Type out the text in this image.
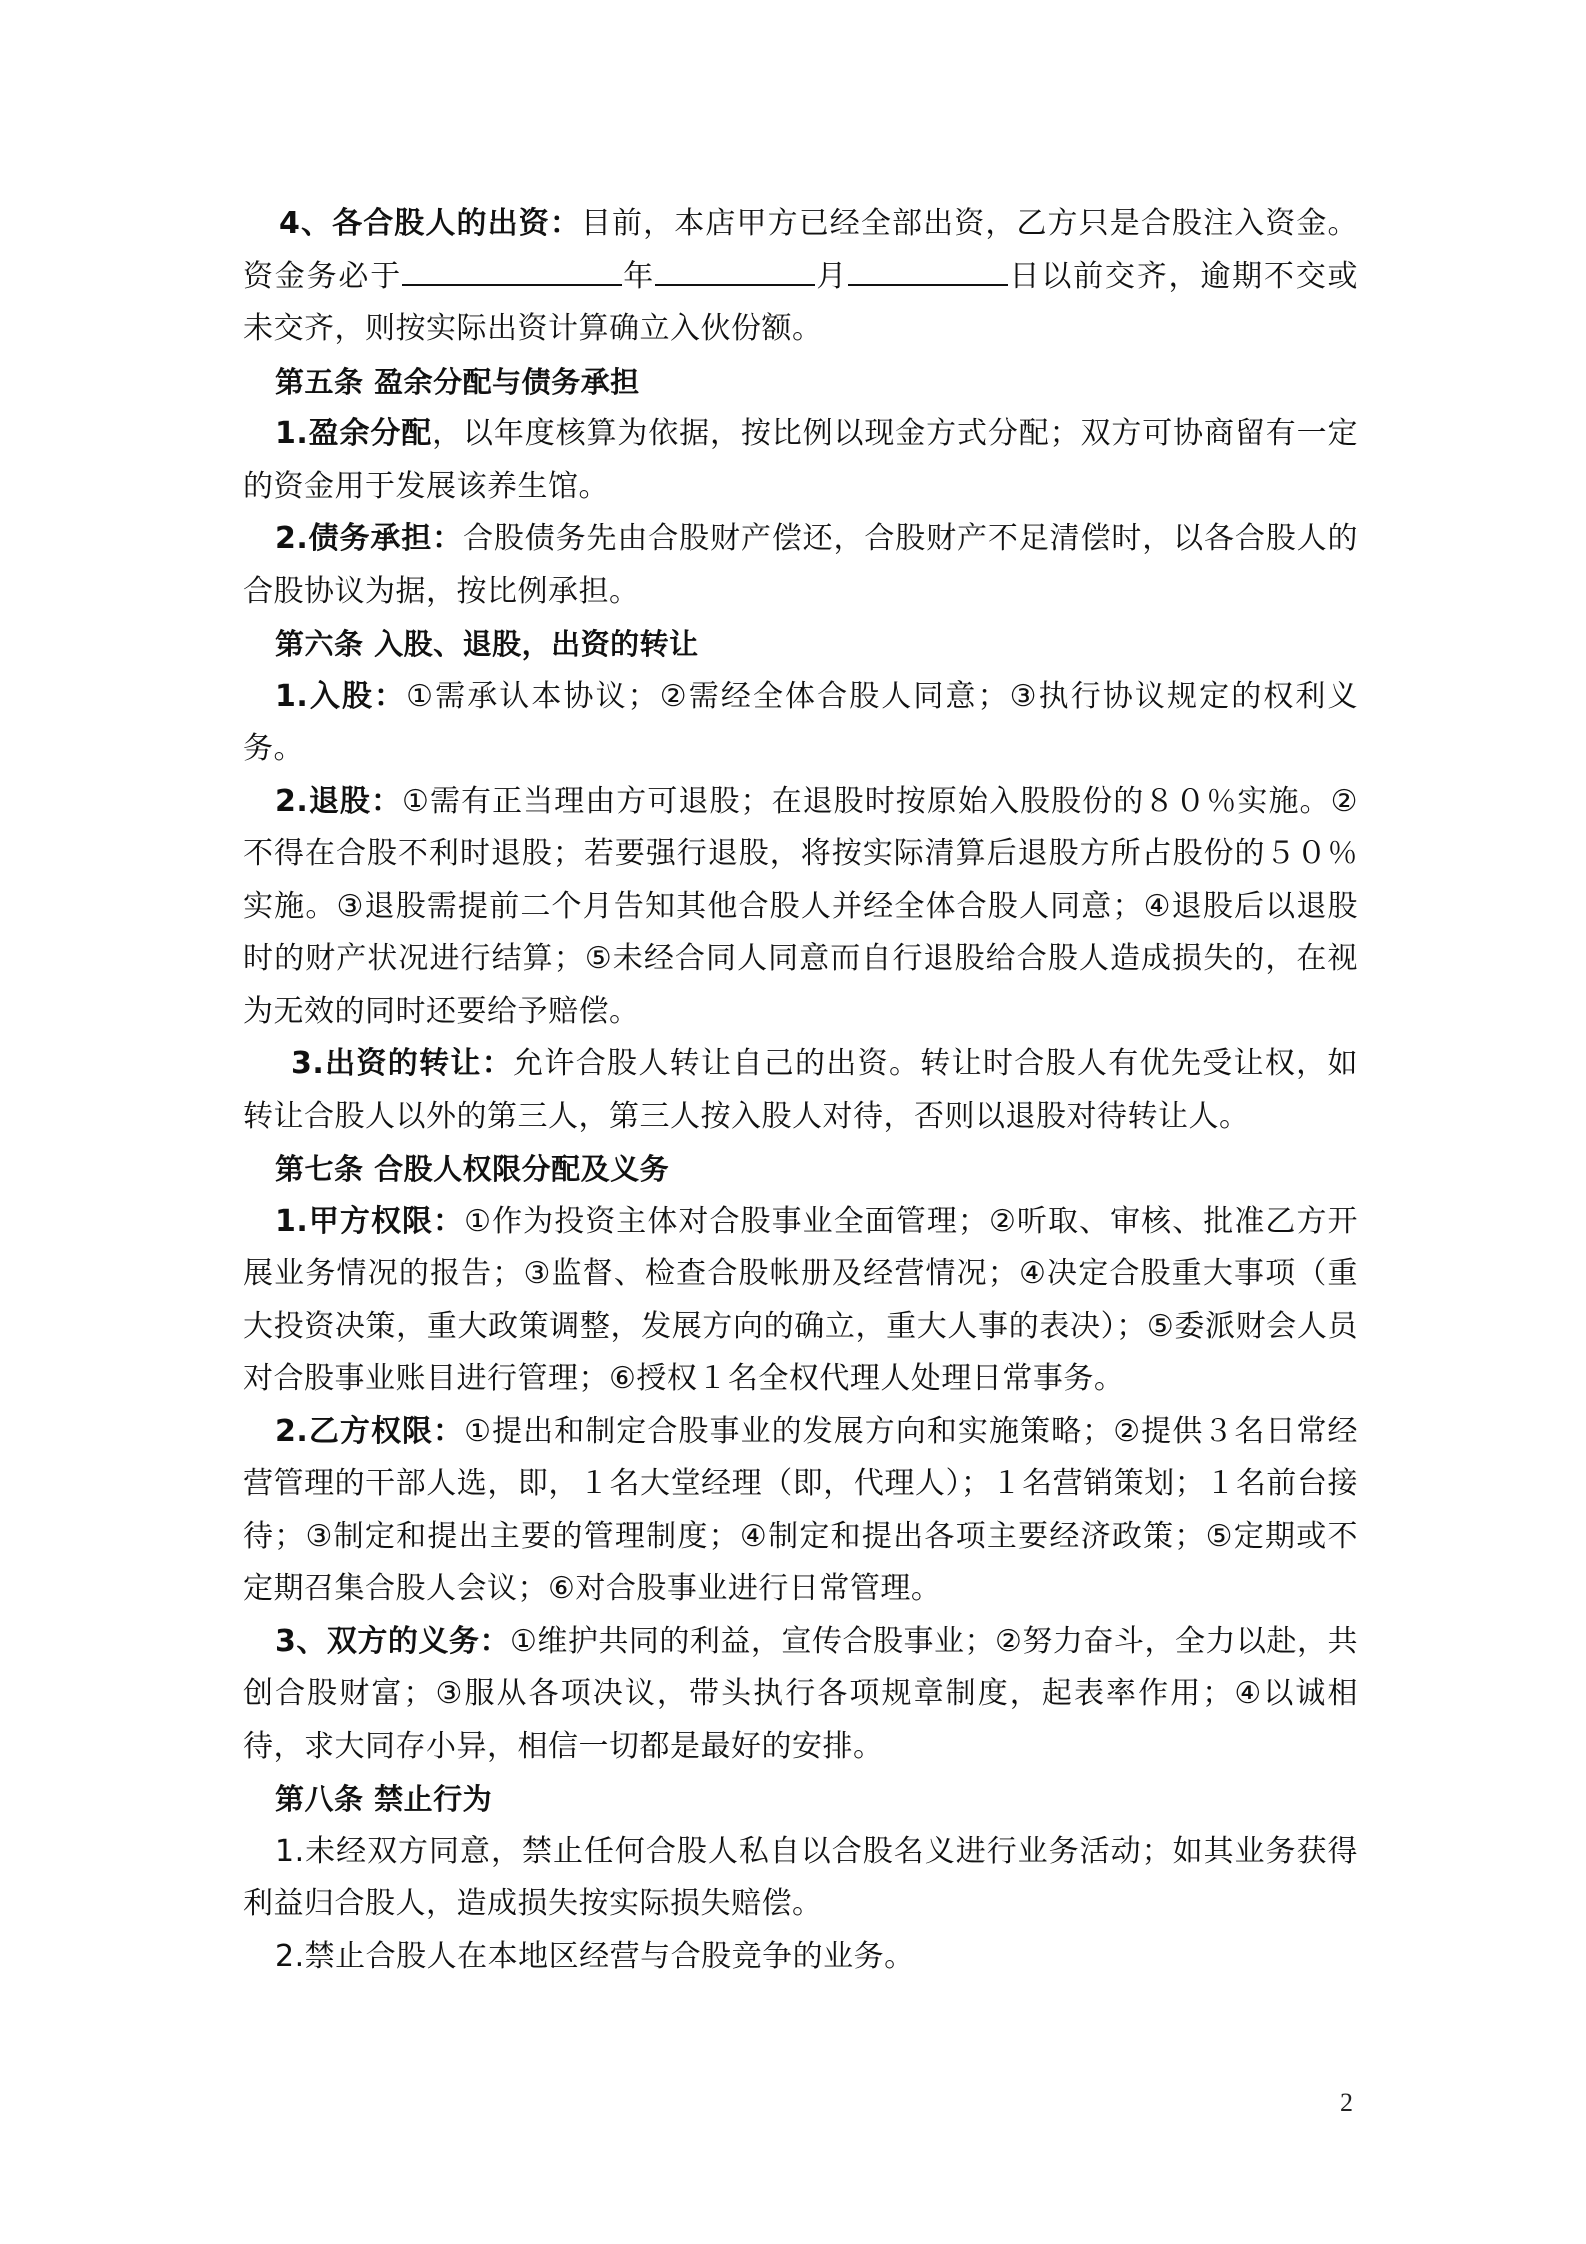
4、各合股人的出资：目前，本店甲方已经全部出资，乙方只是合股注入资金。资金务必于	年	月	日以前交齐，逾期不交或未交齐，则按实际出资计算确立入伙份额。

第五条 盈余分配与债务承担

1.盈余分配，以年度核算为依据，按比例以现金方式分配；双方可协商留有一定的资金用于发展该养生馆。

2.债务承担：合股债务先由合股财产偿还，合股财产不足清偿时，以各合股人的合股协议为据，按比例承担。

第六条 入股、退股，出资的转让

1.入股：①需承认本协议；②需经全体合股人同意；③执行协议规定的权利义务。

2.退股：①需有正当理由方可退股；在退股时按原始入股股份的８０％实施。②不得在合股不利时退股；若要强行退股，将按实际清算后退股方所占股份的５０％实施。③退股需提前二个月告知其他合股人并经全体合股人同意；④退股后以退股时的财产状况进行结算；⑤未经合同人同意而自行退股给合股人造成损失的，在视为无效的同时还要给予赔偿。

3.出资的转让：允许合股人转让自己的出资。转让时合股人有优先受让权，如转让合股人以外的第三人，第三人按入股人对待，否则以退股对待转让人。

第七条 合股人权限分配及义务

1.甲方权限：①作为投资主体对合股事业全面管理；②听取、审核、批准乙方开展业务情况的报告；③监督、检查合股帐册及经营情况；④决定合股重大事项（重大投资决策，重大政策调整，发展方向的确立，重大人事的表决）；⑤委派财会人员对合股事业账目进行管理；⑥授权１名全权代理人处理日常事务。

2.乙方权限：①提出和制定合股事业的发展方向和实施策略；②提供３名日常经营管理的干部人选，即，１名大堂经理（即，代理人）；１名营销策划；１名前台接待；③制定和提出主要的管理制度；④制定和提出各项主要经济政策；⑤定期或不定期召集合股人会议；⑥对合股事业进行日常管理。

3、双方的义务：①维护共同的利益，宣传合股事业；②努力奋斗，全力以赴，共创合股财富；③服从各项决议，带头执行各项规章制度，起表率作用；④以诚相待，求大同存小异，相信一切都是最好的安排。

第八条 禁止行为

1.未经双方同意，禁止任何合股人私自以合股名义进行业务活动；如其业务获得利益归合股人，造成损失按实际损失赔偿。

2.禁止合股人在本地区经营与合股竞争的业务。

2
